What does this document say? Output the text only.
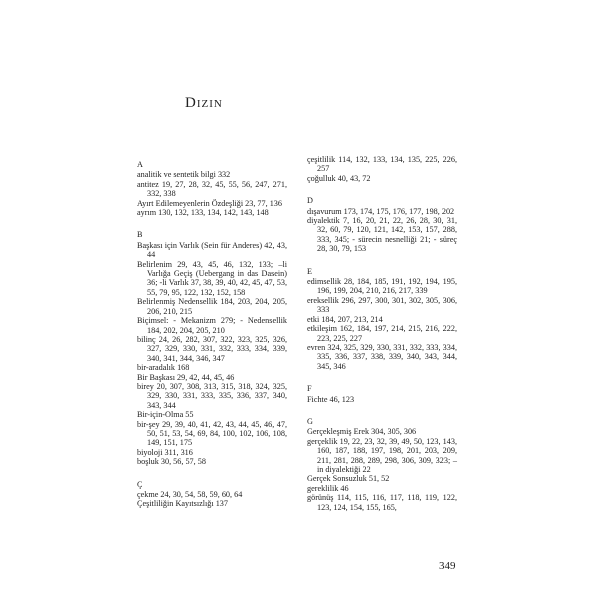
Dizin
A
analitik ve sentetik bilgi 332
antitez 19, 27, 28, 32, 45, 55, 56, 247, 271, 332, 338
Ayırt Edilemeyenlerin Özdeşliği 23, 77, 136
ayrım 130, 132, 133, 134, 142, 143, 148
B
Başkası için Varlık (Sein für Anderes) 42, 43, 44
Belirlenim 29, 43, 45, 46, 132, 133; –li Varlığa Geçiş (Uebergang in das Dasein) 36; -li Varlık 37, 38, 39, 40, 42, 45, 47, 53, 55, 79, 95, 122, 132, 152, 158
Belirlenmiş Nedensellik 184, 203, 204, 205, 206, 210, 215
Biçimsel: - Mekanizm 279; - Nedensellik 184, 202, 204, 205, 210
bilinç 24, 26, 282, 307, 322, 323, 325, 326, 327, 329, 330, 331, 332, 333, 334, 339, 340, 341, 344, 346, 347
bir-aradalık 168
Bir Başkası 29, 42, 44, 45, 46
birey 20, 307, 308, 313, 315, 318, 324, 325, 329, 330, 331, 333, 335, 336, 337, 340, 343, 344
Bir-için-Olma 55
bir-şey 29, 39, 40, 41, 42, 43, 44, 45, 46, 47, 50, 51, 53, 54, 69, 84, 100, 102, 106, 108, 149, 151, 175
biyoloji 311, 316
boşluk 30, 56, 57, 58
Ç
çekme 24, 30, 54, 58, 59, 60, 64
Çeşitliliğin Kayıtsızlığı 137
çeşitlilik 114, 132, 133, 134, 135, 225, 226, 257
çoğulluk 40, 43, 72
D
dışavurum 173, 174, 175, 176, 177, 198, 202
diyalektik 7, 16, 20, 21, 22, 26, 28, 30, 31, 32, 60, 79, 120, 121, 142, 153, 157, 288, 333, 345; - sürecin nesnelliği 21; - süreç 28, 30, 79, 153
E
edimsellik 28, 184, 185, 191, 192, 194, 195, 196, 199, 204, 210, 216, 217, 339
ereksellik 296, 297, 300, 301, 302, 305, 306, 333
etki 184, 207, 213, 214
etkileşim 162, 184, 197, 214, 215, 216, 222, 223, 225, 227
evren 324, 325, 329, 330, 331, 332, 333, 334, 335, 336, 337, 338, 339, 340, 343, 344, 345, 346
F
Fichte 46, 123
G
Gerçekleşmiş Erek 304, 305, 306
gerçeklik 19, 22, 23, 32, 39, 49, 50, 123, 143, 160, 187, 188, 197, 198, 201, 203, 209, 211, 281, 288, 289, 298, 306, 309, 323; –in diyalektiği 22
Gerçek Sonsuzluk 51, 52
gereklilik 46
görünüş 114, 115, 116, 117, 118, 119, 122, 123, 124, 154, 155, 165,
349
